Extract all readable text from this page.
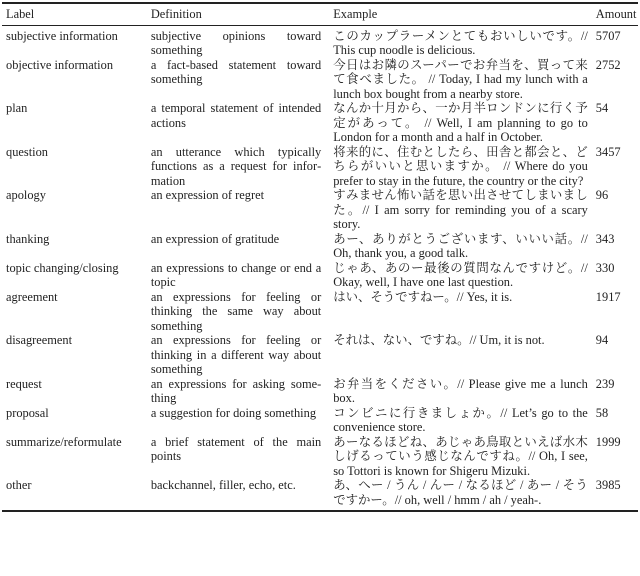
Label	Definition	Example	Amount
subjective information	subjective opinions toward something	このカップラーメンとてもおいしいです。// This cup noodle is delicious.	5707
objective information	a fact-based statement toward something	今日はお隣のスーパーでお弁当を、買って来て食べました。 // Today, I had my lunch with a lunch box bought from a nearby store.	2752
plan	a temporal statement of intended actions	なんか十月から、一か月半ロンドンに行く予定があって。 // Well, I am planning to go to London for a month and a half in October.	54
question	an utterance which typically functions as a request for information	将来的に、住むとしたら、田舎と都会と、どちらがいいと思いますか。 // Where do you prefer to stay in the future, the country or the city?	3457
apology	an expression of regret	すみません怖い話を思い出させてしまいました。// I am sorry for reminding you of a scary story.	96
thanking	an expression of gratitude	あー、ありがとうございます、いいい話。// Oh, thank you, a good talk.	343
topic changing/closing	an expressions to change or end a topic	じゃあ、あのー最後の質問なんですけど。// Okay, well, I have one last question.	330
agreement	an expressions for feeling or thinking the same way about something	はい、そうですねー。// Yes, it is.	1917
disagreement	an expressions for feeling or thinking in a different way about something	それは、ない、ですね。// Um, it is not.	94
request	an expressions for asking something	お弁当をください。// Please give me a lunch box.	239
proposal	a suggestion for doing something	コンビニに行きましょか。// Let’s go to the convenience store.	58
summarize/reformulate	a brief statement of the main points	あーなるほどね、あじゃあ鳥取といえば水木しげるっていう感じなんですね。// Oh, I see, so Tottori is known for Shigeru Mizuki.	1999
other	backchannel, filler, echo, etc.	あ、へー / うん / んー / なるほど / あー / そうですかー。// oh, well / hmm / ah / yeah-.	3985
